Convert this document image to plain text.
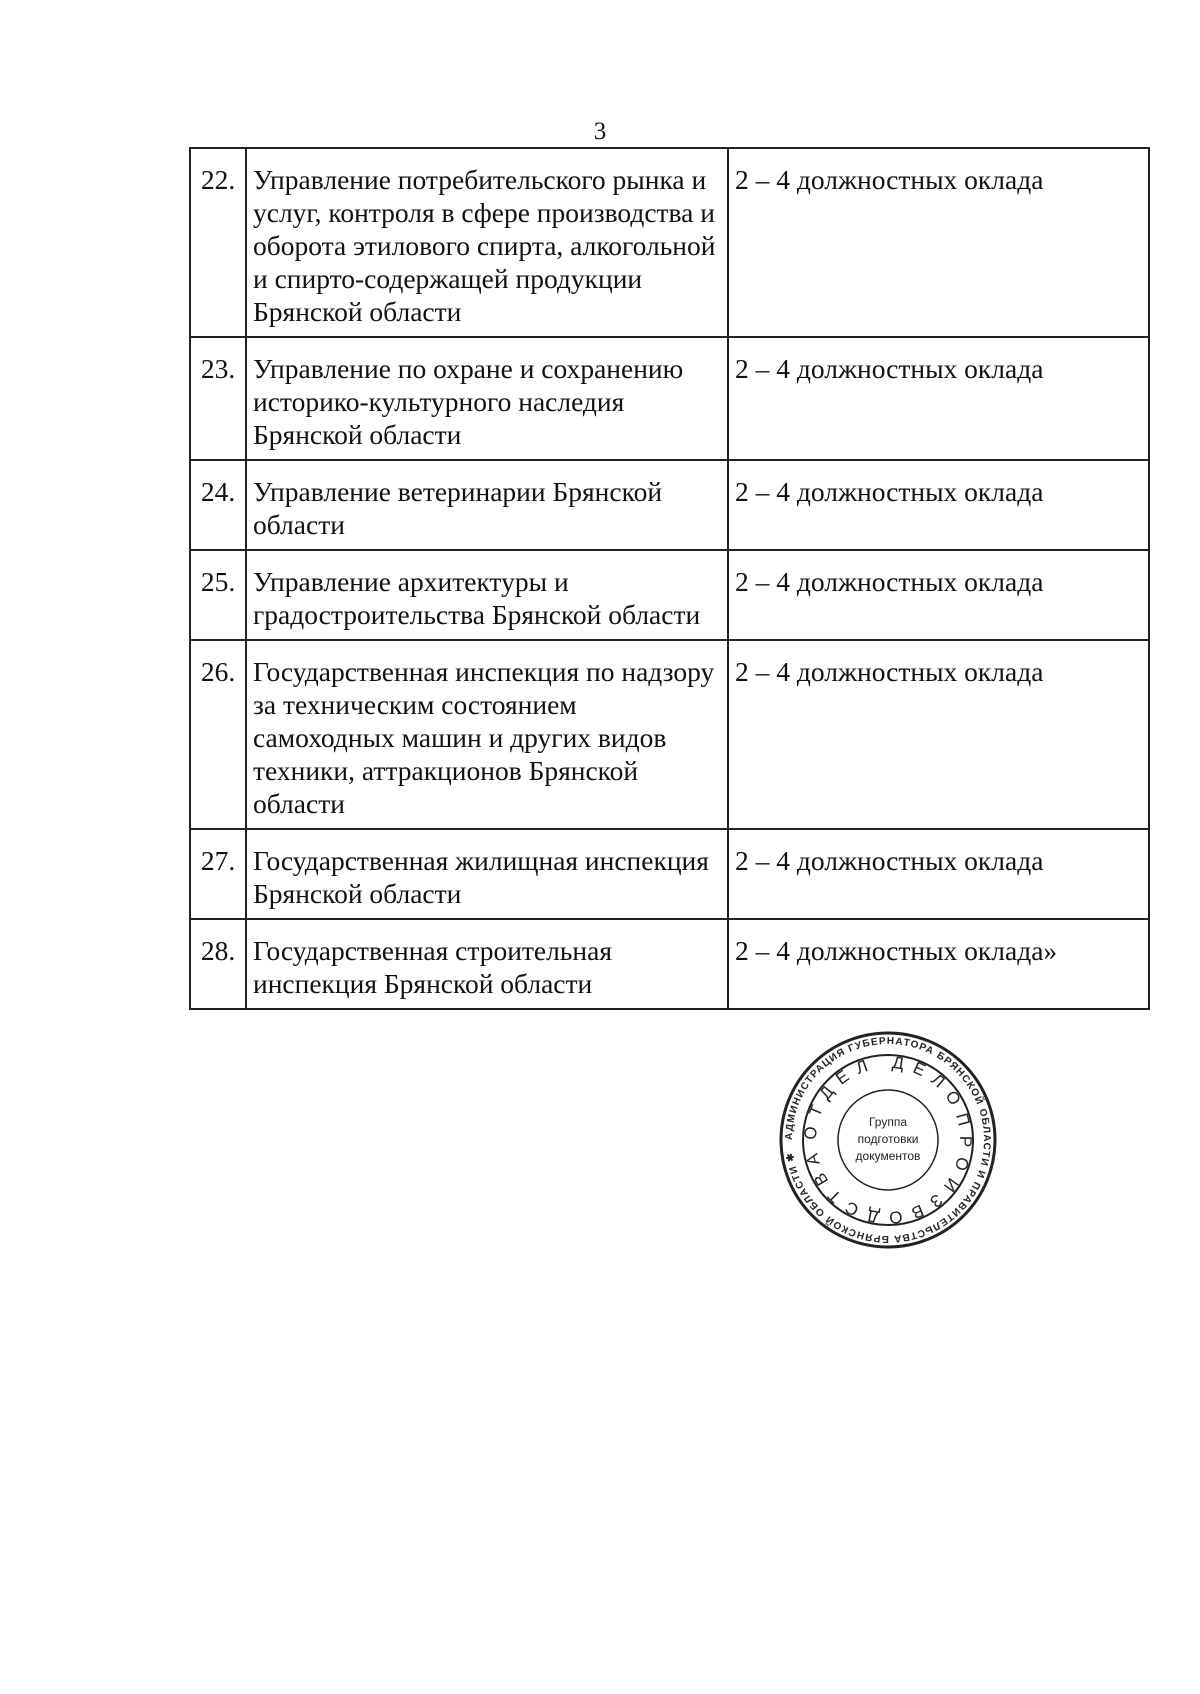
3
22.	Управление потребительского рынка и услуг, контроля в сфере производства и оборота этилового спирта, алкогольной и спирто-содержащей продукции Брянской области	2 – 4 должностных оклада
23.	Управление по охране и сохранению историко-культурного наследия Брянской области	2 – 4 должностных оклада
24.	Управление ветеринарии Брянской области	2 – 4 должностных оклада
25.	Управление архитектуры и градостроительства Брянской области	2 – 4 должностных оклада
26.	Государственная инспекция по надзору за техническим состоянием самоходных машин и других видов техники, аттракционов Брянской области	2 – 4 должностных оклада
27.	Государственная жилищная инспекция Брянской области	2 – 4 должностных оклада
28.	Государственная строительная инспекция Брянской области	2 – 4 должностных оклада»
АДМИНИСТРАЦИЯ ГУБЕРНАТОРА БРЯНСКОЙ ОБЛАСТИ И ПРАВИТЕЛЬСТВА БРЯНСКОЙ ОБЛАСТИ ✱
ОТДЕЛ ДЕЛОПРОИЗВОДСТВА
Группа
подготовки
документов
